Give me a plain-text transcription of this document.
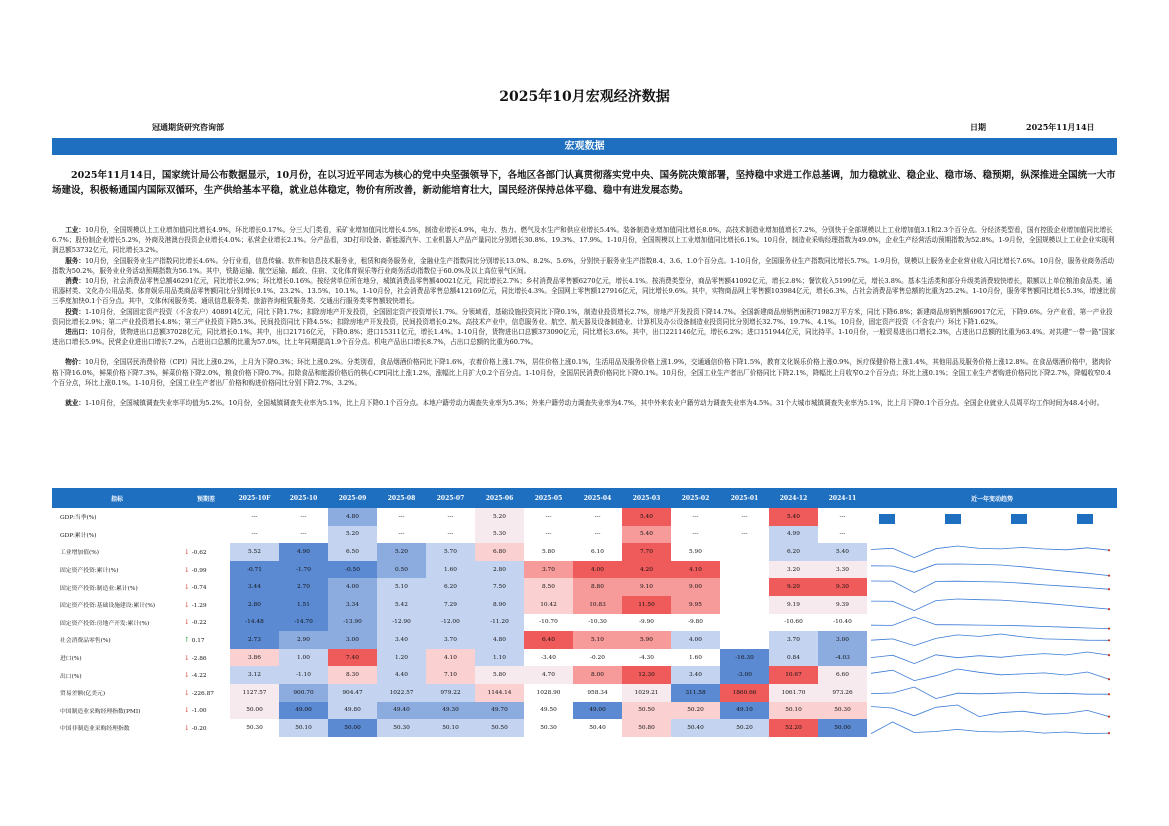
2025年10月宏观经济数据
冠通期货研究咨询部	日期	2025年11月14日
宏观数据
2025年11月14日，国家统计局公布数据显示，10月份，在以习近平同志为核心的党中央坚强领导下，各地区各部门认真贯彻落实党中央、国务院决策部署，坚持稳中求进工作总基调，加力稳就业、稳企业、稳市场、稳预期，纵深推进全国统一大市场建设，积极畅通国内国际双循环，生产供给基本平稳，就业总体稳定，物价有所改善，新动能培育壮大，国民经济保持总体平稳、稳中有进发展态势。

工业：10月份，全国规模以上工业增加值同比增长4.9%，环比增长0.17%。分三大门类看，采矿业增加值同比增长4.5%，制造业增长4.9%，电力、热力、燃气及水生产和供应业增长5.4%。装备制造业增加值同比增长8.0%，高技术制造业增加值增长7.2%，分别快于全部规模以上工业增加值3.1和2.3个百分点。分经济类型看，国有控股企业增加值同比增长6.7%；股份制企业增长5.2%，外商及港澳台投资企业增长4.0%；私营企业增长2.1%。分产品看，3D打印设备、新能源汽车、工业机器人产品产量同比分别增长30.8%、19.3%、17.9%。1-10月份，全国规模以上工业增加值同比增长6.1%。10月份，制造业采购经理指数为49.0%，企业生产经营活动预期指数为52.8%。1-9月份，全国规模以上工业企业实现利润总额53732亿元，同比增长3.2%。

服务：10月份，全国服务业生产指数同比增长4.6%。分行业看，信息传输、软件和信息技术服务业，租赁和商务服务业，金融业生产指数同比分别增长13.0%、8.2%、5.6%，分别快于服务业生产指数8.4、3.6、1.0个百分点。1-10月份，全国服务业生产指数同比增长5.7%。1-9月份，规模以上服务业企业营业收入同比增长7.6%。10月份，服务业商务活动指数为50.2%，服务业业务活动预期指数为56.1%。其中，铁路运输、航空运输、邮政、住宿、文化体育娱乐等行业商务活动指数位于60.0%及以上高位景气区间。

消费：10月份，社会消费品零售总额46291亿元，同比增长2.9%；环比增长0.16%。按经营单位所在地分，城镇消费品零售额40021亿元，同比增长2.7%；乡村消费品零售额6270亿元，增长4.1%。按消费类型分，商品零售额41092亿元，增长2.8%；餐饮收入5199亿元，增长3.8%。基本生活类和部分升级类消费较快增长，限额以上单位粮油食品类、通讯器材类、文化办公用品类、体育娱乐用品类商品零售额同比分别增长9.1%、23.2%、13.5%、10.1%。1-10月份，社会消费品零售总额412169亿元，同比增长4.3%。全国网上零售额127916亿元，同比增长9.6%。其中，实物商品网上零售额103984亿元，增长6.3%，占社会消费品零售总额的比重为25.2%。1-10月份，服务零售额同比增长5.3%，增速比前三季度加快0.1个百分点。其中，文体休闲服务类、通讯信息服务类、旅游咨询租赁服务类、交通出行服务类零售额较快增长。

投资：1-10月份，全国固定资产投资（不含农户）408914亿元，同比下降1.7%；扣除房地产开发投资，全国固定资产投资增长1.7%。分领域看，基础设施投资同比下降0.1%，制造业投资增长2.7%，房地产开发投资下降14.7%。全国新建商品房销售面积71982万平方米，同比下降6.8%；新建商品房销售额69017亿元，下降9.6%。分产业看，第一产业投资同比增长2.9%；第二产业投资增长4.8%；第三产业投资下降5.3%。民间投资同比下降4.5%；扣除房地产开发投资，民间投资增长0.2%。高技术产业中，信息服务业、航空、航天器及设备制造业、计算机及办公设备制造业投资同比分别增长32.7%、19.7%、4.1%。10月份，固定资产投资（不含农户）环比下降1.62%。

进出口：10月份，货物进出口总额37028亿元，同比增长0.1%。其中，出口21716亿元，下降0.8%；进口15311亿元，增长1.4%。1-10月份，货物进出口总额373090亿元，同比增长3.6%。其中，出口221146亿元，增长6.2%；进口151944亿元，同比持平。1-10月份，一般贸易进出口增长2.3%，占进出口总额的比重为63.4%。对共建“一带一路”国家进出口增长5.9%。民营企业进出口增长7.2%，占进出口总额的比重为57.0%，比上年同期提高1.9个百分点。机电产品出口增长8.7%，占出口总额的比重为60.7%。

物价：10月份，全国居民消费价格（CPI）同比上涨0.2%，上月为下降0.3%；环比上涨0.2%。分类别看，食品烟酒价格同比下降1.6%，衣着价格上涨1.7%，居住价格上涨0.1%，生活用品及服务价格上涨1.9%，交通通信价格下降1.5%，教育文化娱乐价格上涨0.9%，医疗保健价格上涨1.4%，其他用品及服务价格上涨12.8%。在食品烟酒价格中，猪肉价格下降16.0%，鲜果价格下降7.3%，鲜菜价格下降2.0%，粮食价格下降0.7%。扣除食品和能源价格后的核心CPI同比上涨1.2%，涨幅比上月扩大0.2个百分点。1-10月份，全国居民消费价格同比下降0.1%。10月份，全国工业生产者出厂价格同比下降2.1%，降幅比上月收窄0.2个百分点；环比上涨0.1%；全国工业生产者购进价格同比下降2.7%，降幅收窄0.4个百分点，环比上涨0.1%。1-10月份，全国工业生产者出厂价格和购进价格同比分别下降2.7%、3.2%。

就业：1-10月份，全国城镇调查失业率平均值为5.2%。10月份，全国城镇调查失业率为5.1%，比上月下降0.1个百分点。本地户籍劳动力调查失业率为5.3%；外来户籍劳动力调查失业率为4.7%，其中外来农业户籍劳动力调查失业率为4.5%。31个大城市城镇调查失业率为5.1%，比上月下降0.1个百分点。全国企业就业人员周平均工作时间为48.4小时。

指标	预期差	2025-10F	2025-10	2025-09	2025-08	2025-07	2025-06	2025-05	2025-04	2025-03	2025-02	2025-01	2024-12	2024-11	近一年变动趋势
GDP:当季(%)		---	---	4.80	---	---	5.20	---	---	5.40	---	---	5.40	---	

GDP:累计(%)		---	---	5.20	---	---	5.30	---	---	5.40	---	---	4.99	---	

工业增加值(%)	↓ -0.62	5.52	4.90	6.50	5.20	5.70	6.80	5.80	6.10	7.70	5.90		6.20	5.40	

固定资产投资:累计(%)	↓ -0.99	-0.71	-1.70	-0.50	0.50	1.60	2.80	3.70	4.00	4.20	4.10		3.20	3.30	

固定资产投资:制造业:累计(%)	↓ -0.74	3.44	2.70	4.00	5.10	6.20	7.50	8.50	8.80	9.10	9.00		9.20	9.30	

固定资产投资:基础设施建设:累计(%)	↓ -1.29	2.80	1.51	3.34	5.42	7.29	8.90	10.42	10.83	11.50	9.95		9.19	9.39	

固定资产投资:房地产开发:累计(%)	↓ -0.22	-14.48	-14.70	-13.90	-12.90	-12.00	-11.20	-10.70	-10.30	-9.90	-9.80		-10.60	-10.40	

社会消费品零售(%)	↑ 0.17	2.73	2.90	3.00	3.40	3.70	4.80	6.40	5.10	5.90	4.00		3.70	3.00	

进口(%)	↓ -2.86	3.86	1.00	7.40	1.20	4.10	1.10	-3.40	-0.20	-4.30	1.60	-16.30	0.84	-4.03	

出口(%)	↓ -4.22	3.12	-1.10	8.30	4.40	7.10	5.80	4.70	8.00	12.30	3.40	-3.00	10.67	6.60	

贸易差额(亿美元)	↓ -226.87	1127.57	900.70	904.47	1022.57	979.22	1144.14	1028.90	958.34	1029.21	311.58	1860.66	1061.70	973.26	

中国制造业采购经理指数(PMI)	↓ -1.00	50.00	49.00	49.80	49.40	49.30	49.70	49.50	49.00	50.50	50.20	49.10	50.10	50.30	

中国非制造业采购经理指数	↓ -0.20	50.30	50.10	50.00	50.30	50.10	50.50	50.30	50.40	50.80	50.40	50.20	52.20	50.00	
